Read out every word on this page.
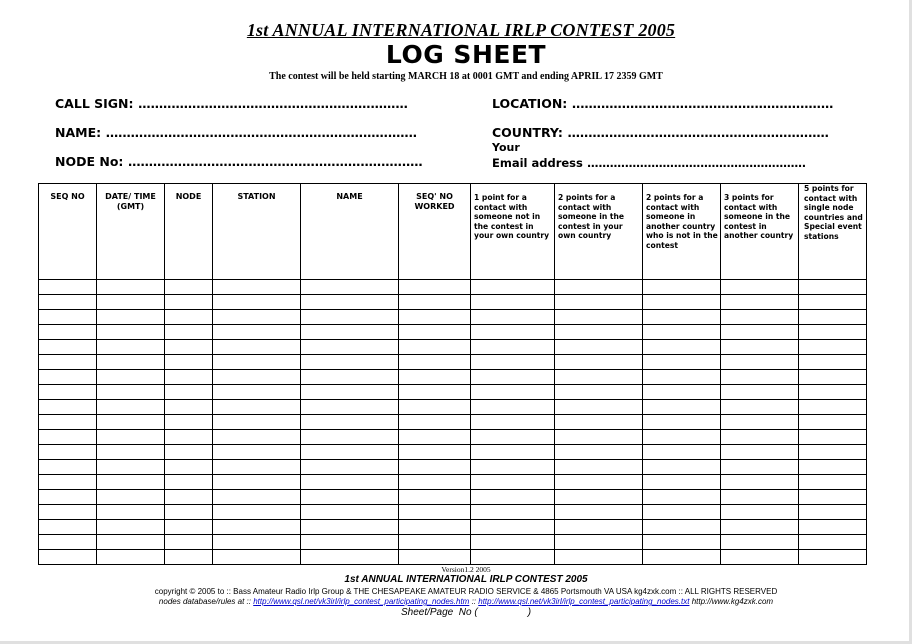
1st ANNUAL INTERNATIONAL IRLP CONTEST 2005
LOG SHEET
The contest will be held starting MARCH 18 at 0001 GMT and ending APRIL 17 2359 GMT
CALL SIGN: .................................................................
NAME: ...........................................................................
NODE No: .......................................................................
LOCATION: ...............................................................
COUNTRY: ...............................................................
Your
Email address ..........................................................
SEQ NO	DATE/ TIME (GMT)	NODE	STATION	NAME	SEQ' NO WORKED	1 point for a contact with someone not in the contest in your own country	2 points for a contact with someone in the contest in your own country	2 points for a contact with someone in another country who is not in the contest	3 points for contact with someone in the contest in another country	5 points for contact with single node countries and Special event stations

Version1.2 2005
1st ANNUAL INTERNATIONAL IRLP CONTEST 2005
copyright © 2005 to :: Bass Amateur Radio Irlp Group & THE CHESAPEAKE AMATEUR RADIO SERVICE & 4865 Portsmouth VA USA kg4zxk.com :: ALL RIGHTS RESERVED
nodes database/rules at :: http://www.qsl.net/vk3irl/irlp_contest_participating_nodes.htm :: http://www.qsl.net/vk3irl/irlp_contest_participating_nodes.txt http://www.kg4zxk.com
Sheet/Page  No (                  )
